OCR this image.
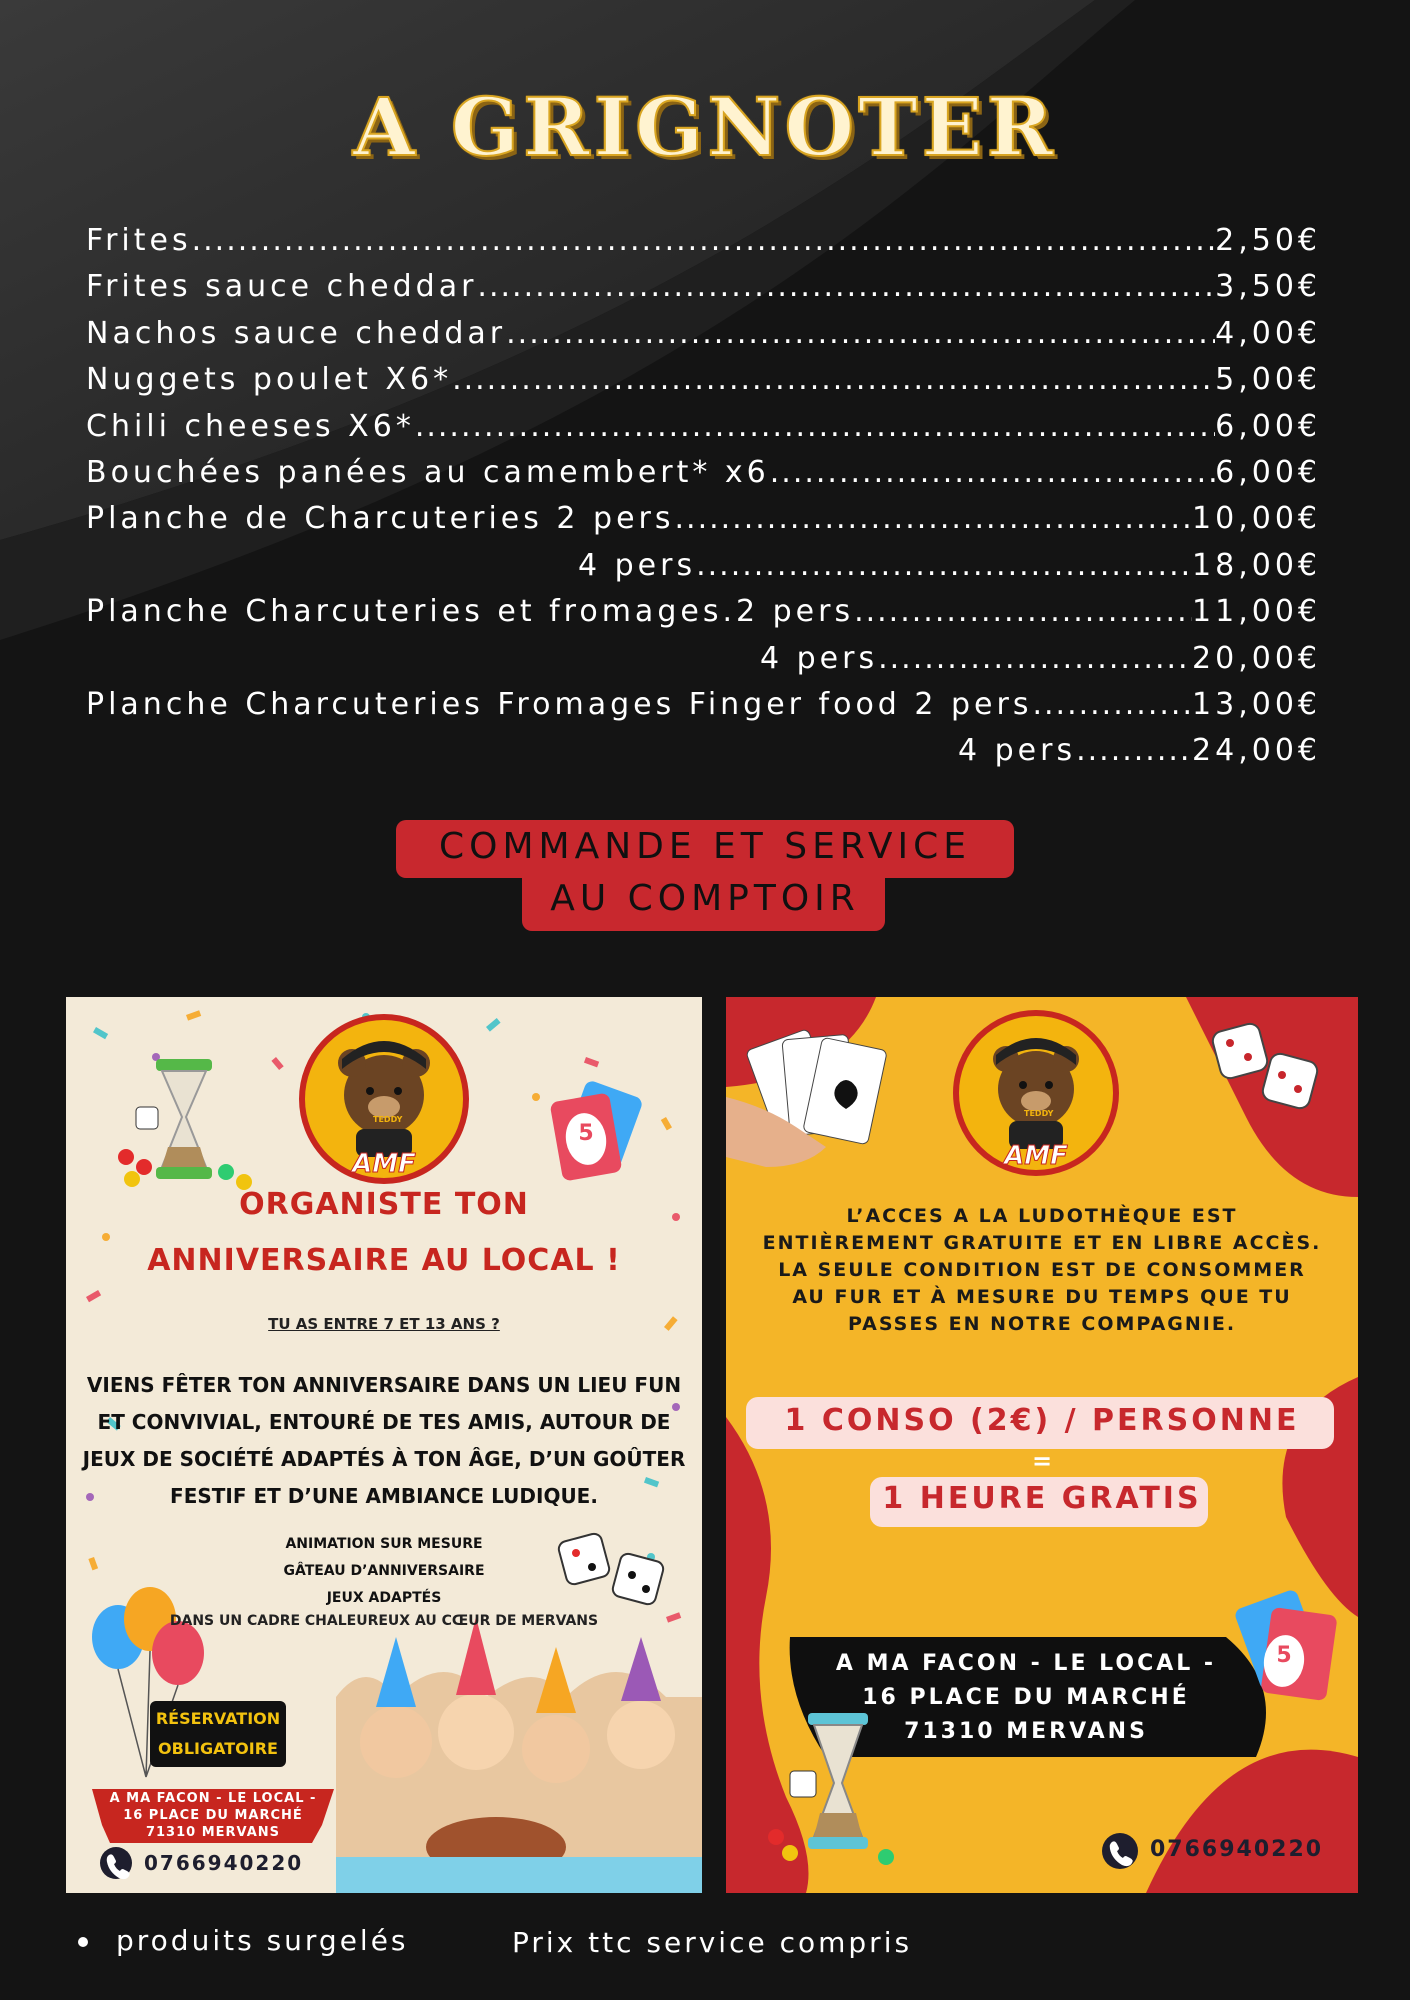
A GRIGNOTER
Frites .....	2,50€
Frites sauce cheddar .....	3,50€
Nachos sauce cheddar .....	4,00€
Nuggets poulet X6* .....	5,00€
Chili cheeses X6* .....	6,00€
Bouchées panées au camembert* x6 .....	6,00€
Planche de Charcuteries 2 pers .....	10,00€
4 pers .....	18,00€
Planche Charcuteries et fromages.2 pers .....	11,00€
4 pers .....	20,00€
Planche Charcuteries Fromages Finger food 2 pers .....	13,00€
4 pers .....	24,00€
COMMANDE ET SERVICE
AU COMPTOIR
ORGANISTE TON
ANNIVERSAIRE AU LOCAL !
TU AS ENTRE 7 ET 13 ANS ?
VIENS FÊTER TON ANNIVERSAIRE DANS UN LIEU FUN
ET CONVIVIAL, ENTOURÉ DE TES AMIS, AUTOUR DE
JEUX DE SOCIÉTÉ ADAPTÉS À TON ÂGE, D’UN GOÛTER
FESTIF ET D’UNE AMBIANCE LUDIQUE.
ANIMATION SUR MESURE
GÂTEAU D’ANNIVERSAIRE
JEUX ADAPTÉS
DANS UN CADRE CHALEUREUX AU CŒUR DE MERVANS
RÉSERVATION
OBLIGATOIRE
A MA FACON - LE LOCAL -
16 PLACE DU MARCHÉ
71310 MERVANS
0766940220
TEDDY
AMF
5
L’ACCES A LA LUDOTHÈQUE EST
ENTIÈREMENT GRATUITE ET EN LIBRE ACCÈS.
LA SEULE CONDITION EST DE CONSOMMER
AU FUR ET À MESURE DU TEMPS QUE TU
PASSES EN NOTRE COMPAGNIE.
1 CONSO (2€) / PERSONNE
=
1 HEURE GRATIS
A MA FACON - LE LOCAL -
16 PLACE DU MARCHÉ
71310 MERVANS
0766940220
TEDDY
AMF
5
produits surgelés	Prix ttc service compris
